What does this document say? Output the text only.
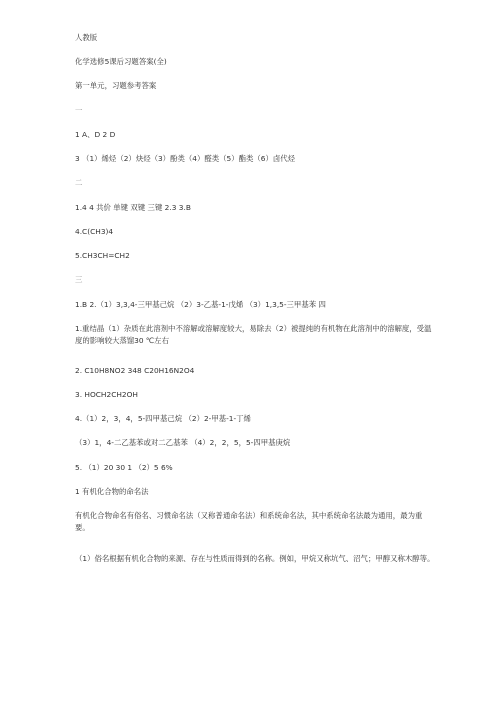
人教版
化学选修5课后习题答案(全)
第一单元，习题参考答案
一
1 A、D 2 D
3 （1）烯烃（2）炔烃（3）酚类（4）醛类（5）酯类（6）卤代烃
二
1.4 4 共价 单键 双键 三键 2.3 3.B
4.C(CH3)4
5.CH3CH=CH2
三
1.B 2.（1）3,3,4-三甲基己烷 （2）3-乙基-1-戊烯 （3）1,3,5-三甲基苯 四
1.重结晶（1）杂质在此溶剂中不溶解或溶解度较大，易除去（2）被提纯的有机物在此溶剂中的溶解度，受温度的影响较大蒸馏30 ℃左右
2. C10H8NO2 348 C20H16N2O4
3. HOCH2CH2OH
4.（1）2，3，4，5-四甲基己烷 （2）2-甲基-1-丁烯
（3）1，4-二乙基苯或对二乙基苯 （4）2，2，5，5-四甲基庚烷
5. （1）20 30 1 （2）5 6%
1 有机化合物的命名法
有机化合物命名有俗名、习惯命名法（又称普通命名法）和系统命名法，其中系统命名法最为通用，最为重要。
（1）俗名根据有机化合物的来源、存在与性质而得到的名称。例如，甲烷又称坑气、沼气；甲醇又称木醇等。
